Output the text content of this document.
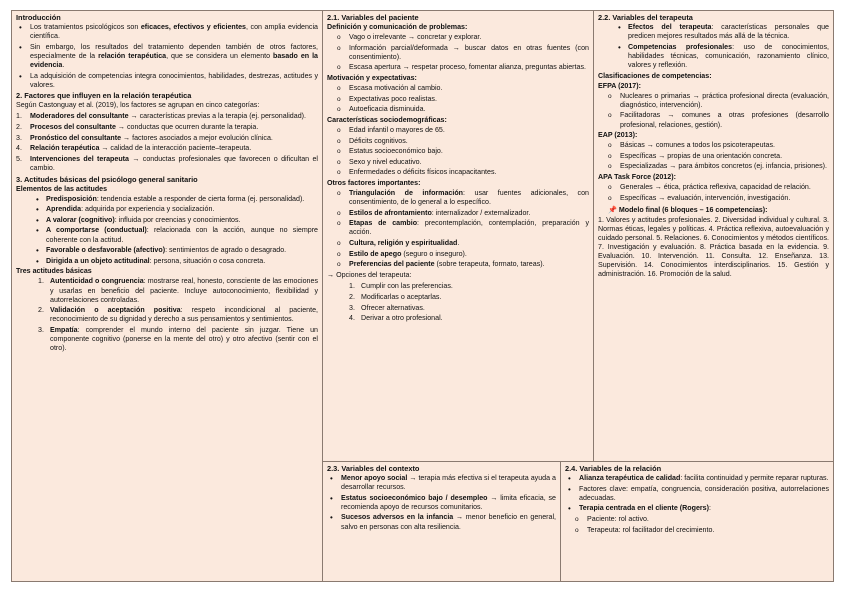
Introducción
• Los tratamientos psicológicos son eficaces, efectivos y eficientes, con amplia evidencia científica.
• Sin embargo, los resultados del tratamiento dependen también de otros factores, especialmente de la relación terapéutica, que se considera un elemento basado en la evidencia.
• La adquisición de competencias integra conocimientos, habilidades, destrezas, actitudes y valores.
2. Factores que influyen en la relación terapéutica
Según Castonguay et al. (2019), los factores se agrupan en cinco categorías:
1. Moderadores del consultante → características previas a la terapia (ej. personalidad).
2. Procesos del consultante → conductas que ocurren durante la terapia.
3. Pronóstico del consultante → factores asociados a mejor evolución clínica.
4. Relación terapéutica → calidad de la interacción paciente–terapeuta.
5. Intervenciones del terapeuta → conductas profesionales que favorecen o dificultan el cambio.
3. Actitudes básicas del psicólogo general sanitario
Elementos de las actitudes
• Predisposición: tendencia estable a responder de cierta forma (ej. personalidad).
• Aprendida: adquirida por experiencia y socialización.
• A valorar (cognitivo): influida por creencias y conocimientos.
• A comportarse (conductual): relacionada con la acción, aunque no siempre coherente con la actitud.
• Favorable o desfavorable (afectivo): sentimientos de agrado o desagrado.
• Dirigida a un objeto actitudinal: persona, situación o cosa concreta.
Tres actitudes básicas
1. Autenticidad o congruencia: mostrarse real, honesto, consciente de las emociones y usarlas en beneficio del paciente. Incluye autoconocimiento, flexibilidad y autorrelaciones controladas.
2. Validación o aceptación positiva: respeto incondicional al paciente, reconocimiento de su dignidad y derecho a sus pensamientos y sentimientos.
3. Empatía: comprender el mundo interno del paciente sin juzgar. Tiene un componente cognitivo (ponerse en la mente del otro) y otro afectivo (sentir con el otro).
2.1. Variables del paciente
Definición y comunicación de problemas:
o Vago o irrelevante → concretar y explorar.
o Información parcial/deformada → buscar datos en otras fuentes (con consentimiento).
o Escasa apertura → respetar proceso, fomentar alianza, preguntas abiertas.
Motivación y expectativas:
o Escasa motivación al cambio.
o Expectativas poco realistas.
o Autoeficacia disminuida.
Características sociodemográficas:
o Edad infantil o mayores de 65.
o Déficits cognitivos.
o Estatus socioeconómico bajo.
o Sexo y nivel educativo.
o Enfermedades o déficits físicos incapacitantes.
Otros factores importantes:
o Triangulación de información: usar fuentes adicionales, con consentimiento, de lo general a lo específico.
o Estilos de afrontamiento: internalizador / externalizador.
o Etapas de cambio: precontemplación, contemplación, preparación y acción.
o Cultura, religión y espiritualidad.
o Estilo de apego (seguro o inseguro).
o Preferencias del paciente (sobre terapeuta, formato, tareas).
→ Opciones del terapeuta:
1. Cumplir con las preferencias.
2. Modificarlas o aceptarlas.
3. Ofrecer alternativas.
4. Derivar a otro profesional.
2.2. Variables del terapeuta
• Efectos del terapeuta: características personales que predicen mejores resultados más allá de la técnica.
• Competencias profesionales: uso de conocimientos, habilidades técnicas, comunicación, razonamiento clínico, valores y reflexión.
Clasificaciones de competencias:
EFPA (2017):
o Nucleares o primarias → práctica profesional directa (evaluación, diagnóstico, intervención).
o Facilitadoras → comunes a otras profesiones (desarrollo profesional, relaciones, gestión).
EAP (2013):
o Básicas → comunes a todos los psicoterapeutas.
o Específicas → propias de una orientación concreta.
o Especializadas → para ámbitos concretos (ej. infancia, prisiones).
APA Task Force (2012):
o Generales → ética, práctica reflexiva, capacidad de relación.
o Específicas → evaluación, intervención, investigación.
📌 Modelo final (6 bloques – 16 competencias):
1. Valores y actitudes profesionales. 2. Diversidad individual y cultural. 3. Normas éticas, legales y políticas. 4. Práctica reflexiva, autoevaluación y cuidado personal. 5. Relaciones. 6. Conocimientos y métodos científicos. 7. Investigación y evaluación. 8. Práctica basada en la evidencia. 9. Evaluación. 10. Intervención. 11. Consulta. 12. Enseñanza. 13. Supervisión. 14. Conocimientos interdisciplinarios. 15. Gestión y administración. 16. Promoción de la salud.
2.3. Variables del contexto
• Menor apoyo social → terapia más efectiva si el terapeuta ayuda a desarrollar recursos.
• Estatus socioeconómico bajo / desempleo → limita eficacia, se recomienda apoyo de recursos comunitarios.
• Sucesos adversos en la infancia → menor beneficio en general, salvo en personas con alta resiliencia.
2.4. Variables de la relación
• Alianza terapéutica de calidad: facilita continuidad y permite reparar rupturas.
• Factores clave: empatía, congruencia, consideración positiva, autorrelaciones adecuadas.
• Terapia centrada en el cliente (Rogers):
o Paciente: rol activo.
o Terapeuta: rol facilitador del crecimiento.
